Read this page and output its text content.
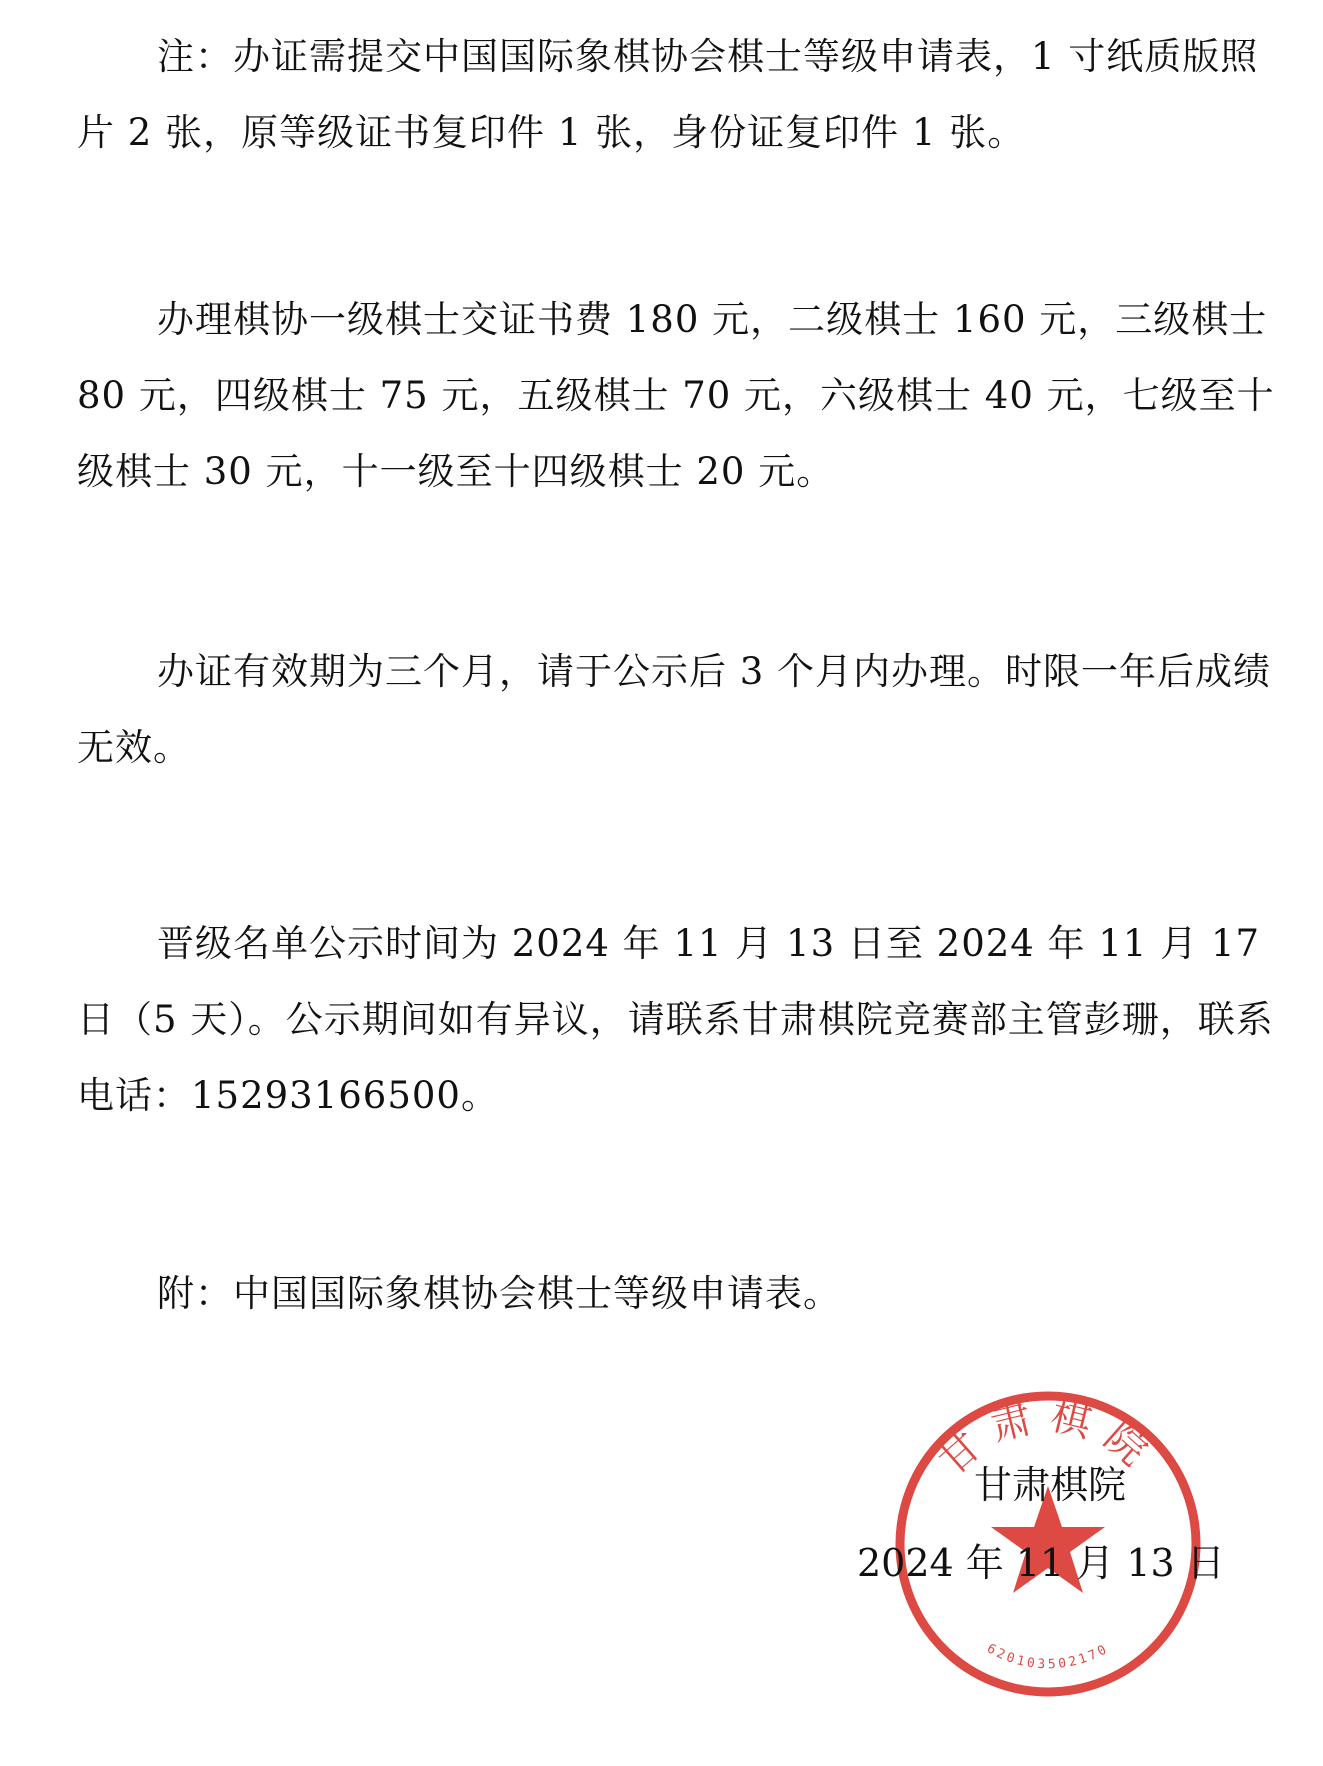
注：办证需提交中国国际象棋协会棋士等级申请表，1 寸纸质版照片 2 张，原等级证书复印件 1 张，身份证复印件 1 张。

办理棋协一级棋士交证书费 180 元，二级棋士 160 元，三级棋士 80 元，四级棋士 75 元，五级棋士 70 元，六级棋士 40 元，七级至十级棋士 30 元，十一级至十四级棋士 20 元。

办证有效期为三个月，请于公示后 3 个月内办理。时限一年后成绩无效。

晋级名单公示时间为 2024 年 11 月 13 日至 2024 年 11 月 17 日（5 天）。公示期间如有异议，请联系甘肃棋院竞赛部主管彭珊，联系电话：15293166500。

附：中国国际象棋协会棋士等级申请表。

甘肃棋院
620103502170
甘肃棋院
2024 年 11 月 13 日
